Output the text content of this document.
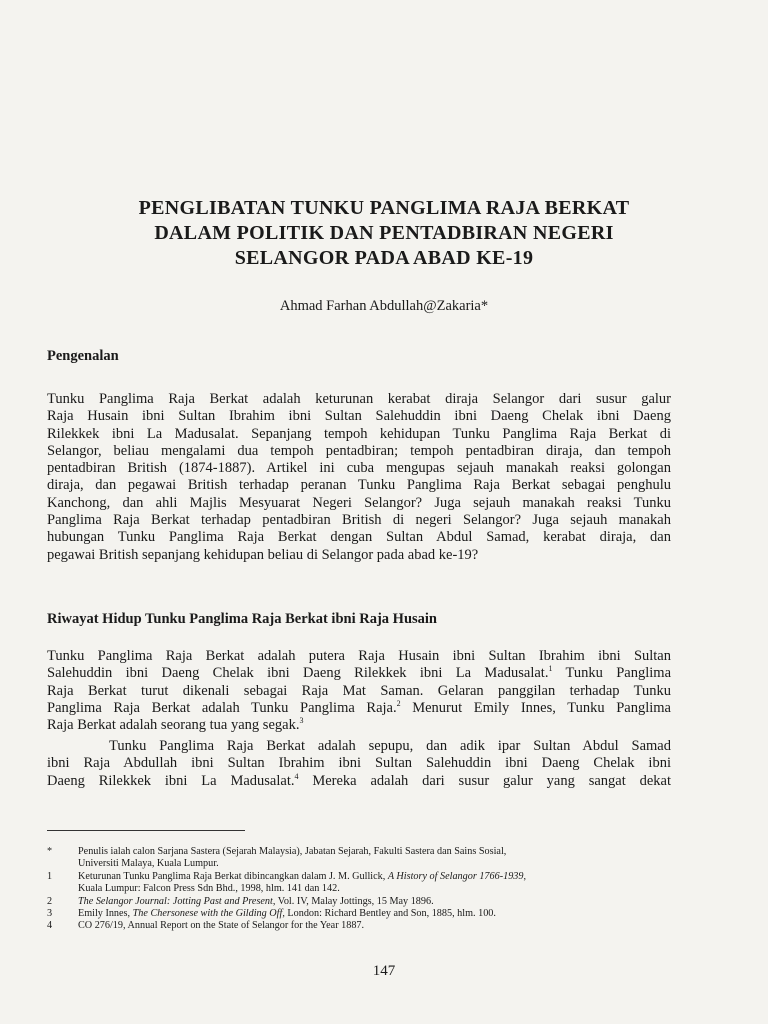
PENGLIBATAN TUNKU PANGLIMA RAJA BERKAT
DALAM POLITIK DAN PENTADBIRAN NEGERI
SELANGOR PADA ABAD KE-19
Ahmad Farhan Abdullah@Zakaria*
Pengenalan
Tunku Panglima Raja Berkat adalah keturunan kerabat diraja Selangor dari susur galur
Raja Husain ibni Sultan Ibrahim ibni Sultan Salehuddin ibni Daeng Chelak ibni Daeng
Rilekkek ibni La Madusalat. Sepanjang tempoh kehidupan Tunku Panglima Raja Berkat di
Selangor, beliau mengalami dua tempoh pentadbiran; tempoh pentadbiran diraja, dan tempoh
pentadbiran British (1874-1887). Artikel ini cuba mengupas sejauh manakah reaksi golongan
diraja, dan pegawai British terhadap peranan Tunku Panglima Raja Berkat sebagai penghulu
Kanchong, dan ahli Majlis Mesyuarat Negeri Selangor? Juga sejauh manakah reaksi Tunku
Panglima Raja Berkat terhadap pentadbiran British di negeri Selangor? Juga sejauh manakah
hubungan Tunku Panglima Raja Berkat dengan Sultan Abdul Samad, kerabat diraja, dan
pegawai British sepanjang kehidupan beliau di Selangor pada abad ke-19?
Riwayat Hidup Tunku Panglima Raja Berkat ibni Raja Husain
Tunku Panglima Raja Berkat adalah putera Raja Husain ibni Sultan Ibrahim ibni Sultan
Salehuddin ibni Daeng Chelak ibni Daeng Rilekkek ibni La Madusalat.$^1$ Tunku Panglima
Raja Berkat turut dikenali sebagai Raja Mat Saman. Gelaran panggilan terhadap Tunku
Panglima Raja Berkat adalah Tunku Panglima Raja.$^2$ Menurut Emily Innes, Tunku Panglima
Raja Berkat adalah seorang tua yang segak.$^3$
Tunku Panglima Raja Berkat adalah sepupu, dan adik ipar Sultan Abdul Samad
ibni Raja Abdullah ibni Sultan Ibrahim ibni Sultan Salehuddin ibni Daeng Chelak ibni
Daeng Rilekkek ibni La Madusalat.$^4$ Mereka adalah dari susur galur yang sangat dekat
*	Penulis ialah calon Sarjana Sastera (Sejarah Malaysia), Jabatan Sejarah, Fakulti Sastera dan Sains Sosial,
Universiti Malaya, Kuala Lumpur.
1	Keturunan Tunku Panglima Raja Berkat dibincangkan dalam J. M. Gullick, A History of Selangor 1766-1939,
Kuala Lumpur: Falcon Press Sdn Bhd., 1998, hlm. 141 dan 142.
2	The Selangor Journal: Jotting Past and Present, Vol. IV, Malay Jottings, 15 May 1896.
3	Emily Innes, The Chersonese with the Gilding Off, London: Richard Bentley and Son, 1885, hlm. 100.
4	CO 276/19, Annual Report on the State of Selangor for the Year 1887.
147
